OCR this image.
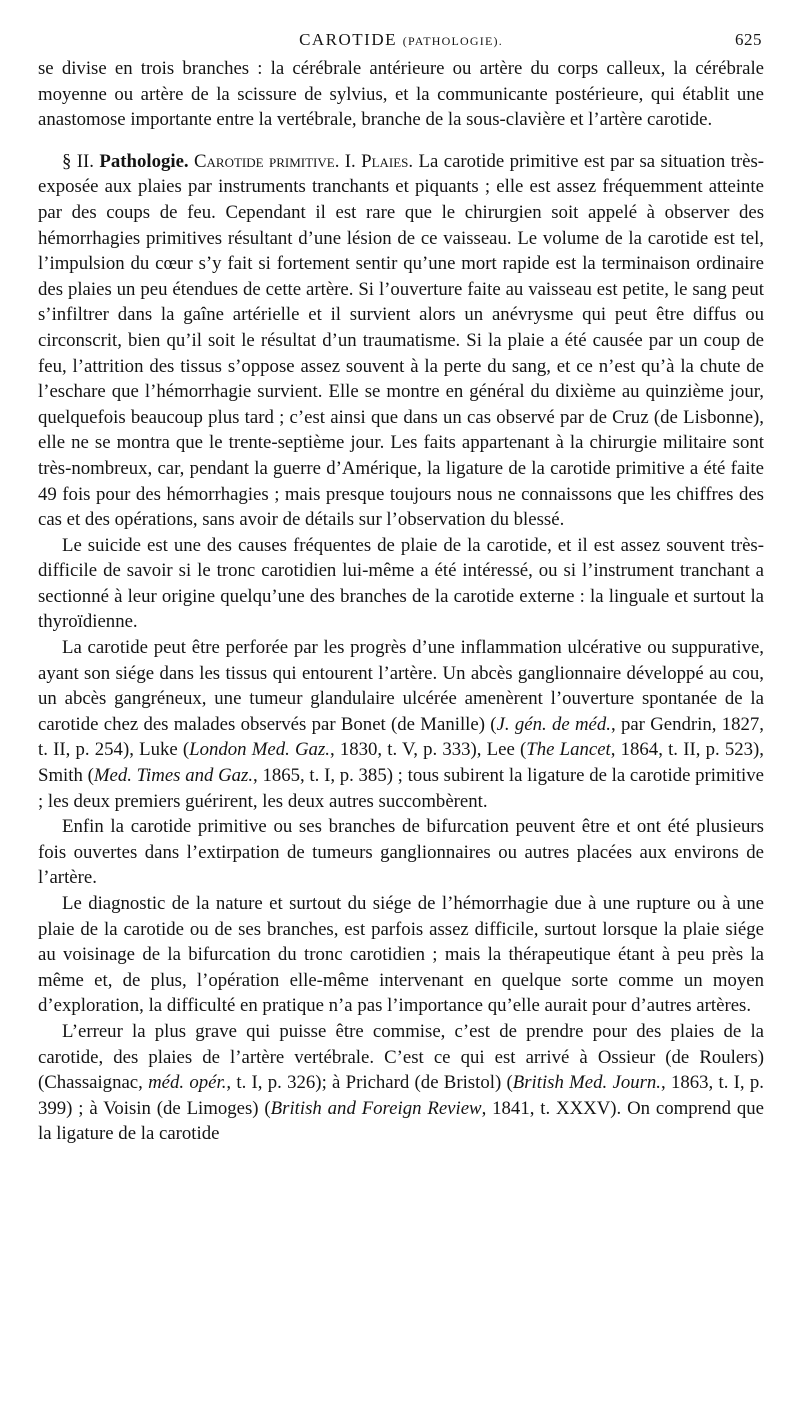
CAROTIDE (PATHOLOGIE).	625

se divise en trois branches : la cérébrale antérieure ou artère du corps calleux, la cérébrale moyenne ou artère de la scissure de sylvius, et la communicante postérieure, qui établit une anastomose importante entre la vertébrale, branche de la sous-clavière et l’artère carotide.

§ II. Pathologie. Carotide primitive. I. Plaies. La carotide primitive est par sa situation très-exposée aux plaies par instruments tranchants et piquants ; elle est assez fréquemment atteinte par des coups de feu. Cependant il est rare que le chirurgien soit appelé à observer des hémorrhagies primitives résultant d’une lésion de ce vaisseau. Le volume de la carotide est tel, l’impulsion du cœur s’y fait si fortement sentir qu’une mort rapide est la terminaison ordinaire des plaies un peu étendues de cette artère. Si l’ouverture faite au vaisseau est petite, le sang peut s’infiltrer dans la gaîne artérielle et il survient alors un anévrysme qui peut être diffus ou circonscrit, bien qu’il soit le résultat d’un traumatisme. Si la plaie a été causée par un coup de feu, l’attrition des tissus s’oppose assez souvent à la perte du sang, et ce n’est qu’à la chute de l’eschare que l’hémorrhagie survient. Elle se montre en général du dixième au quinzième jour, quelquefois beaucoup plus tard ; c’est ainsi que dans un cas observé par de Cruz (de Lisbonne), elle ne se montra que le trente-septième jour. Les faits appartenant à la chirurgie militaire sont très-nombreux, car, pendant la guerre d’Amérique, la ligature de la carotide primitive a été faite 49 fois pour des hémorrhagies ; mais presque toujours nous ne connaissons que les chiffres des cas et des opérations, sans avoir de détails sur l’observation du blessé.

Le suicide est une des causes fréquentes de plaie de la carotide, et il est assez souvent très-difficile de savoir si le tronc carotidien lui-même a été intéressé, ou si l’instrument tranchant a sectionné à leur origine quelqu’une des branches de la carotide externe : la linguale et surtout la thyroïdienne.

La carotide peut être perforée par les progrès d’une inflammation ulcérative ou suppurative, ayant son siége dans les tissus qui entourent l’artère. Un abcès ganglionnaire développé au cou, un abcès gangréneux, une tumeur glandulaire ulcérée amenèrent l’ouverture spontanée de la carotide chez des malades observés par Bonet (de Manille) (J. gén. de méd., par Gendrin, 1827, t. II, p. 254), Luke (London Med. Gaz., 1830, t. V, p. 333), Lee (The Lancet, 1864, t. II, p. 523), Smith (Med. Times and Gaz., 1865, t. I, p. 385) ; tous subirent la ligature de la carotide primitive ; les deux premiers guérirent, les deux autres succombèrent.

Enfin la carotide primitive ou ses branches de bifurcation peuvent être et ont été plusieurs fois ouvertes dans l’extirpation de tumeurs ganglionnaires ou autres placées aux environs de l’artère.

Le diagnostic de la nature et surtout du siége de l’hémorrhagie due à une rupture ou à une plaie de la carotide ou de ses branches, est parfois assez difficile, surtout lorsque la plaie siége au voisinage de la bifurcation du tronc carotidien ; mais la thérapeutique étant à peu près la même et, de plus, l’opération elle-même intervenant en quelque sorte comme un moyen d’exploration, la difficulté en pratique n’a pas l’importance qu’elle aurait pour d’autres artères.

L’erreur la plus grave qui puisse être commise, c’est de prendre pour des plaies de la carotide, des plaies de l’artère vertébrale. C’est ce qui est arrivé à Ossieur (de Roulers) (Chassaignac, méd. opér., t. I, p. 326); à Prichard (de Bristol) (British Med. Journ., 1863, t. I, p. 399) ; à Voisin (de Limoges) (British and Foreign Review, 1841, t. XXXV). On comprend que la ligature de la carotide
